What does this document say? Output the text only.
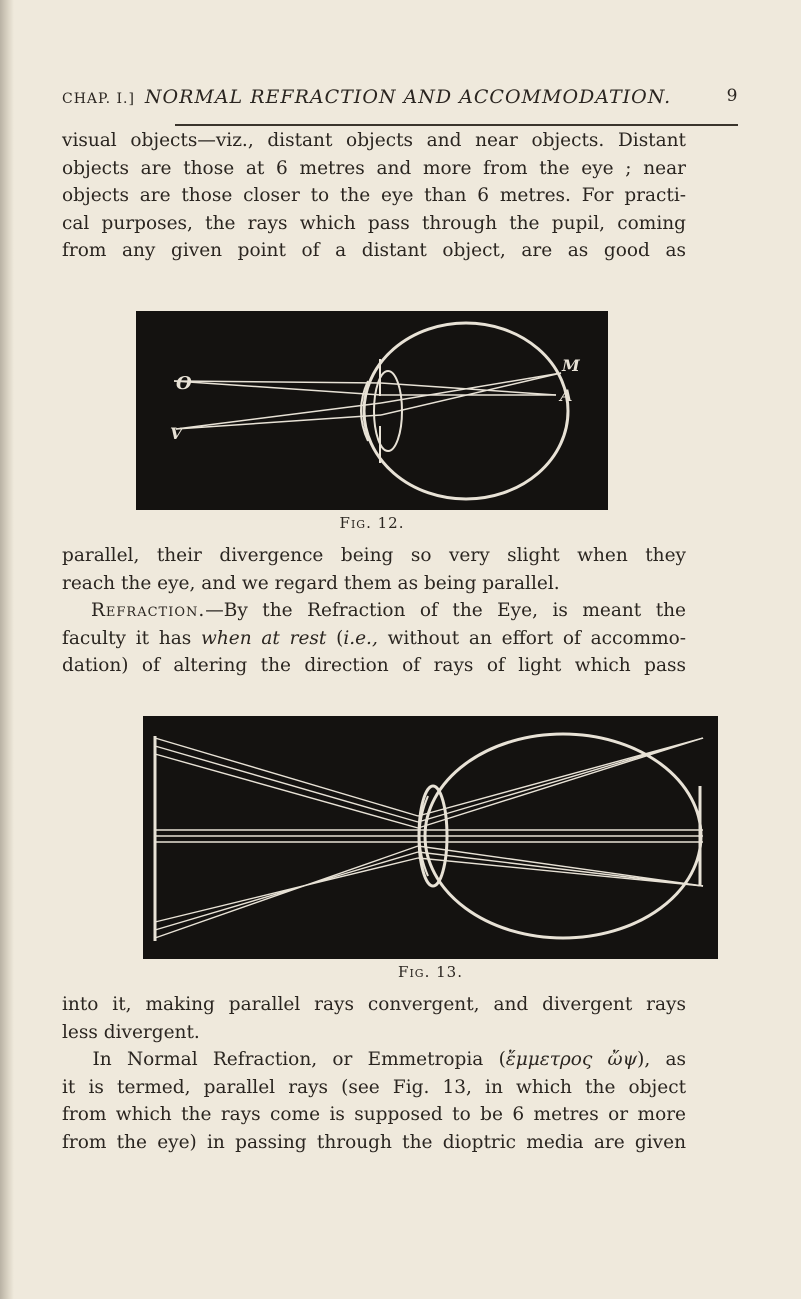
CHAP. I.] NORMAL REFRACTION AND ACCOMMODATION.	9
visual objects—viz., distant objects and near objects. Distant
objects are those at 6 metres and more from the eye ; near
objects are those closer to the eye than 6 metres. For practi-
cal purposes, the rays which pass through the pupil, coming
from any given point of a distant object, are as good as
O
V
M
A
Fig. 12.
parallel, their divergence being so very slight when they
reach the eye, and we regard them as being parallel.
Refraction.—By the Refraction of the Eye, is meant the
faculty it has when at rest (i.e., without an effort of accommo-
dation) of altering the direction of rays of light which pass
Fig. 13.
into it, making parallel rays convergent, and divergent rays
less divergent.
In Normal Refraction, or Emmetropia (ἔμμετρος ὤψ), as
it is termed, parallel rays (see Fig. 13, in which the object
from which the rays come is supposed to be 6 metres or more
from the eye) in passing through the dioptric media are given
